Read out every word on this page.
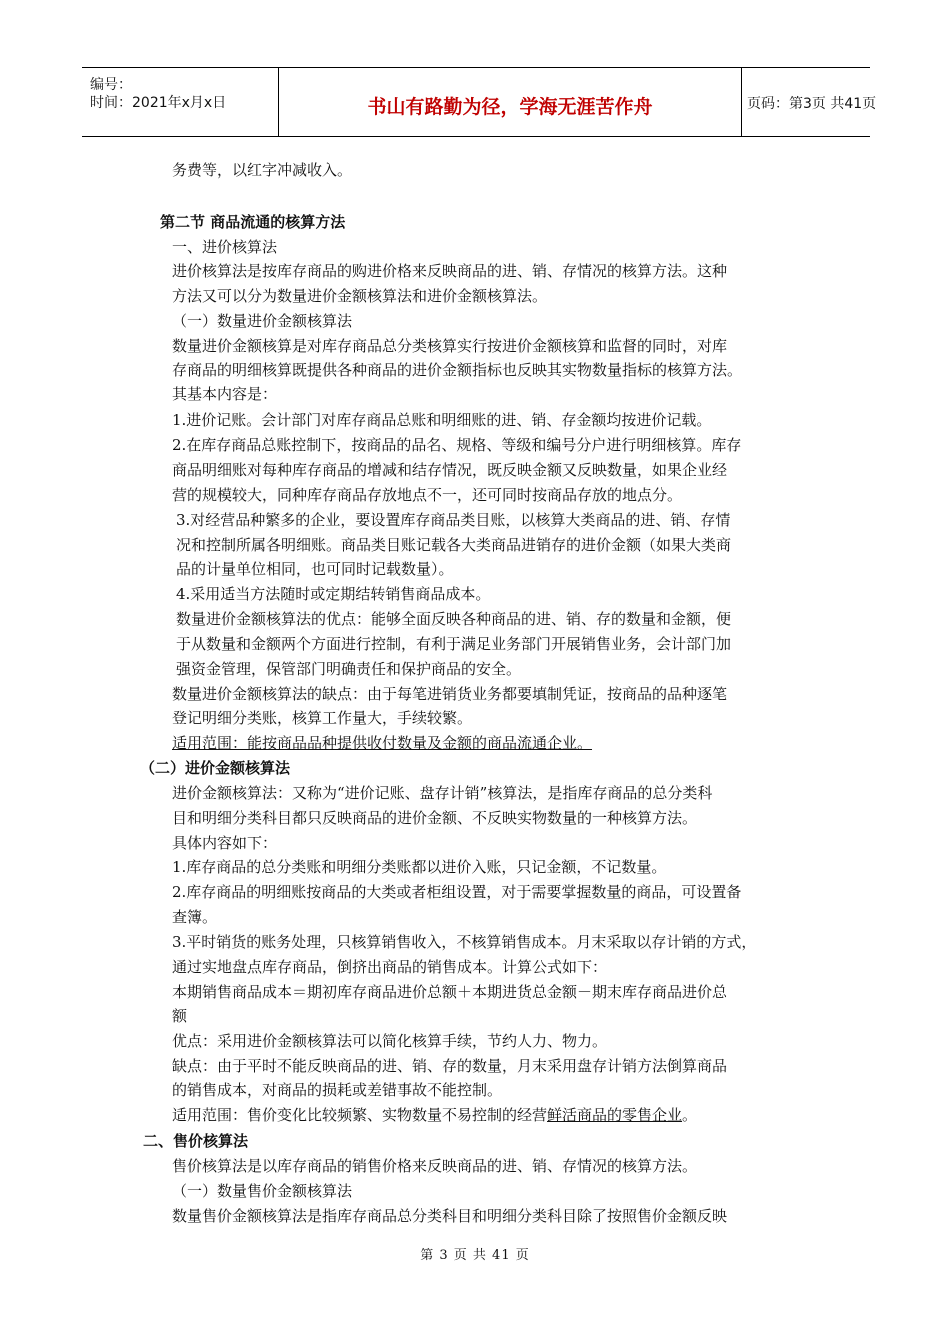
编号：
时间：2021年x月x日	书山有路勤为径，学海无涯苦作舟	页码：第3页 共41页
务费等，以红字冲减收入。
第二节 商品流通的核算方法
一、进价核算法
进价核算法是按库存商品的购进价格来反映商品的进、销、存情况的核算方法。这种
方法又可以分为数量进价金额核算法和进价金额核算法。
（一）数量进价金额核算法
数量进价金额核算是对库存商品总分类核算实行按进价金额核算和监督的同时，对库
存商品的明细核算既提供各种商品的进价金额指标也反映其实物数量指标的核算方法。
其基本内容是：
1.进价记账。会计部门对库存商品总账和明细账的进、销、存金额均按进价记载。
2.在库存商品总账控制下，按商品的品名、规格、等级和编号分户进行明细核算。库存
商品明细账对每种库存商品的增减和结存情况，既反映金额又反映数量，如果企业经
营的规模较大，同种库存商品存放地点不一，还可同时按商品存放的地点分。
3.对经营品种繁多的企业，要设置库存商品类目账，以核算大类商品的进、销、存情
况和控制所属各明细账。商品类目账记载各大类商品进销存的进价金额（如果大类商
品的计量单位相同，也可同时记载数量）。
4.采用适当方法随时或定期结转销售商品成本。
数量进价金额核算法的优点：能够全面反映各种商品的进、销、存的数量和金额，便
于从数量和金额两个方面进行控制，有利于满足业务部门开展销售业务，会计部门加
强资金管理，保管部门明确责任和保护商品的安全。
数量进价金额核算法的缺点：由于每笔进销货业务都要填制凭证，按商品的品种逐笔
登记明细分类账，核算工作量大，手续较繁。
适用范围：能按商品品种提供收付数量及金额的商品流通企业。
（二）进价金额核算法
进价金额核算法：又称为“进价记账、盘存计销”核算法，是指库存商品的总分类科
目和明细分类科目都只反映商品的进价金额、不反映实物数量的一种核算方法。
具体内容如下：
1.库存商品的总分类账和明细分类账都以进价入账，只记金额，不记数量。
2.库存商品的明细账按商品的大类或者柜组设置，对于需要掌握数量的商品，可设置备
查簿。
3.平时销货的账务处理，只核算销售收入，不核算销售成本。月末采取以存计销的方式，
通过实地盘点库存商品，倒挤出商品的销售成本。计算公式如下：
本期销售商品成本＝期初库存商品进价总额＋本期进货总金额－期末库存商品进价总
额
优点：采用进价金额核算法可以简化核算手续，节约人力、物力。
缺点：由于平时不能反映商品的进、销、存的数量，月末采用盘存计销方法倒算商品
的销售成本，对商品的损耗或差错事故不能控制。
适用范围：售价变化比较频繁、实物数量不易控制的经营鲜活商品的零售企业。
二、售价核算法
售价核算法是以库存商品的销售价格来反映商品的进、销、存情况的核算方法。
（一）数量售价金额核算法
数量售价金额核算法是指库存商品总分类科目和明细分类科目除了按照售价金额反映
第 3 页 共 41 页
